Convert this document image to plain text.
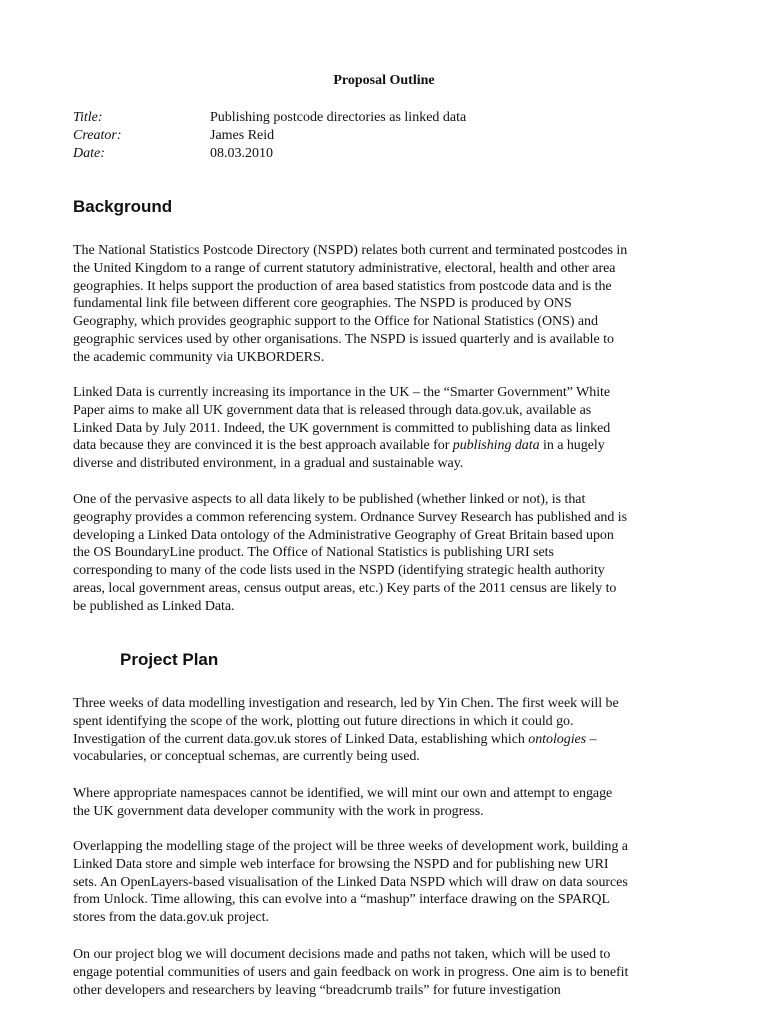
Proposal Outline
Title:	Publishing postcode directories as linked data
Creator:	James Reid
Date:	08.03.2010
Background

The National Statistics Postcode Directory (NSPD) relates both current and terminated postcodes in
the United Kingdom to a range of current statutory administrative, electoral, health and other area
geographies. It helps support the production of area based statistics from postcode data and is the
fundamental link file between different core geographies. The NSPD is produced by ONS
Geography, which provides geographic support to the Office for National Statistics (ONS) and
geographic services used by other organisations. The NSPD is issued quarterly and is available to
the academic community via UKBORDERS.

Linked Data is currently increasing its importance in the UK – the “Smarter Government” White
Paper aims to make all UK government data that is released through data.gov.uk, available as
Linked Data by July 2011. Indeed, the UK government is committed to publishing data as linked
data because they are convinced it is the best approach available for publishing data in a hugely
diverse and distributed environment, in a gradual and sustainable way.

One of the pervasive aspects to all data likely to be published (whether linked or not), is that
geography provides a common referencing system. Ordnance Survey Research has published and is
developing a Linked Data ontology of the Administrative Geography of Great Britain based upon
the OS BoundaryLine product. The Office of National Statistics is publishing URI sets
corresponding to many of the code lists used in the NSPD (identifying strategic health authority
areas, local government areas, census output areas, etc.) Key parts of the 2011 census are likely to
be published as Linked Data.

Project Plan

Three weeks of data modelling investigation and research, led by Yin Chen. The first week will be
spent identifying the scope of the work, plotting out future directions in which it could go.
Investigation of the current data.gov.uk stores of Linked Data, establishing which ontologies –
vocabularies, or conceptual schemas, are currently being used.

Where appropriate namespaces cannot be identified, we will mint our own and attempt to engage
the UK government data developer community with the work in progress.

Overlapping the modelling stage of the project will be three weeks of development work, building a
Linked Data store and simple web interface for browsing the NSPD and for publishing new URI
sets. An OpenLayers-based visualisation of the Linked Data NSPD which will draw on data sources
from Unlock. Time allowing, this can evolve into a “mashup” interface drawing on the SPARQL
stores from the data.gov.uk project.

On our project blog we will document decisions made and paths not taken, which will be used to
engage potential communities of users and gain feedback on work in progress. One aim is to benefit
other developers and researchers by leaving “breadcrumb trails” for future investigation
